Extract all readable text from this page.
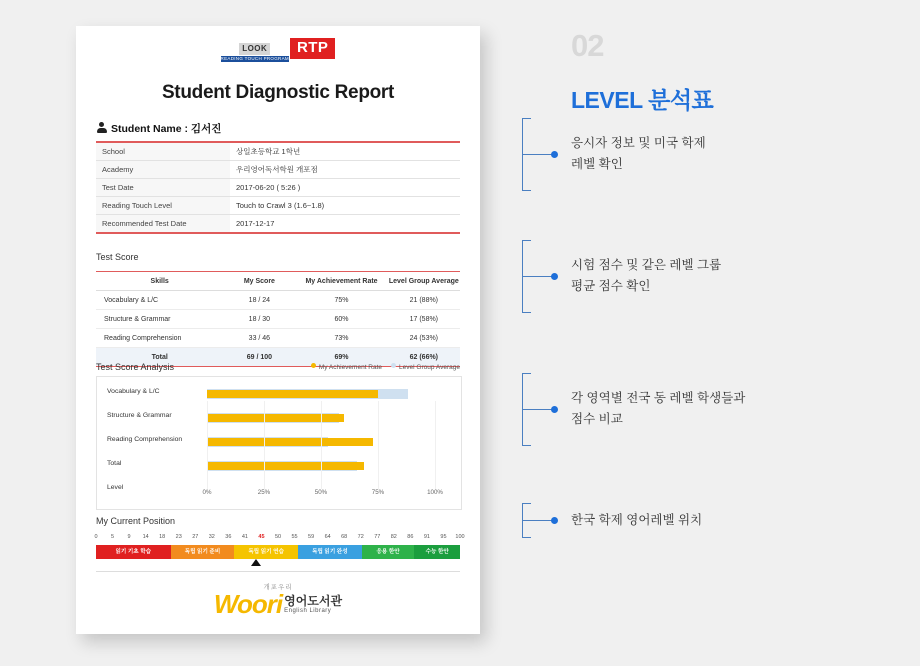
LOOK
READING TOUCH PROGRAM
RTP
Student Diagnostic Report
Student Name : 김서진
School	상일초등학교 1학년
Academy	우리영어독서학원 개포점
Test Date	2017-06-20 ( 5:26 )
Reading Touch Level	Touch to Crawl 3 (1.6~1.8)
Recommended Test Date	2017-12-17
Test Score
Skills	My Score	My Achievement Rate	Level Group Average
Vocabulary & L/C	18 / 24	75%	21 (88%)
Structure & Grammar	18 / 30	60%	17 (58%)
Reading Comprehension	33 / 46	73%	24 (53%)
Total	69 / 100	69%	62 (66%)
Test Score Analysis	My Achievement Rate	Level Group Average
Vocabulary & L/C
Structure & Grammar
Reading Comprehension
Total
Level
0%	25%	50%	75%	100%
My Current Position
0 5 9 14 18 23 27 32 36 41 45 50 55 59 64 68 72 77 82 86 91 95 100
읽기 기초 학습	독립 읽기 준비	독립 읽기 연습	독립 읽기 완성	응용 한안	수능 한안
개포우리
Woori 영어도서관
English Library
02
LEVEL 분석표
응시자 정보 및 미국 학제
레벨 확인
시험 점수 및 같은 레벨 그룹
평균 점수 확인
각 영역별 전국 동 레벨 학생들과
점수 비교
한국 학제 영어레벨 위치
